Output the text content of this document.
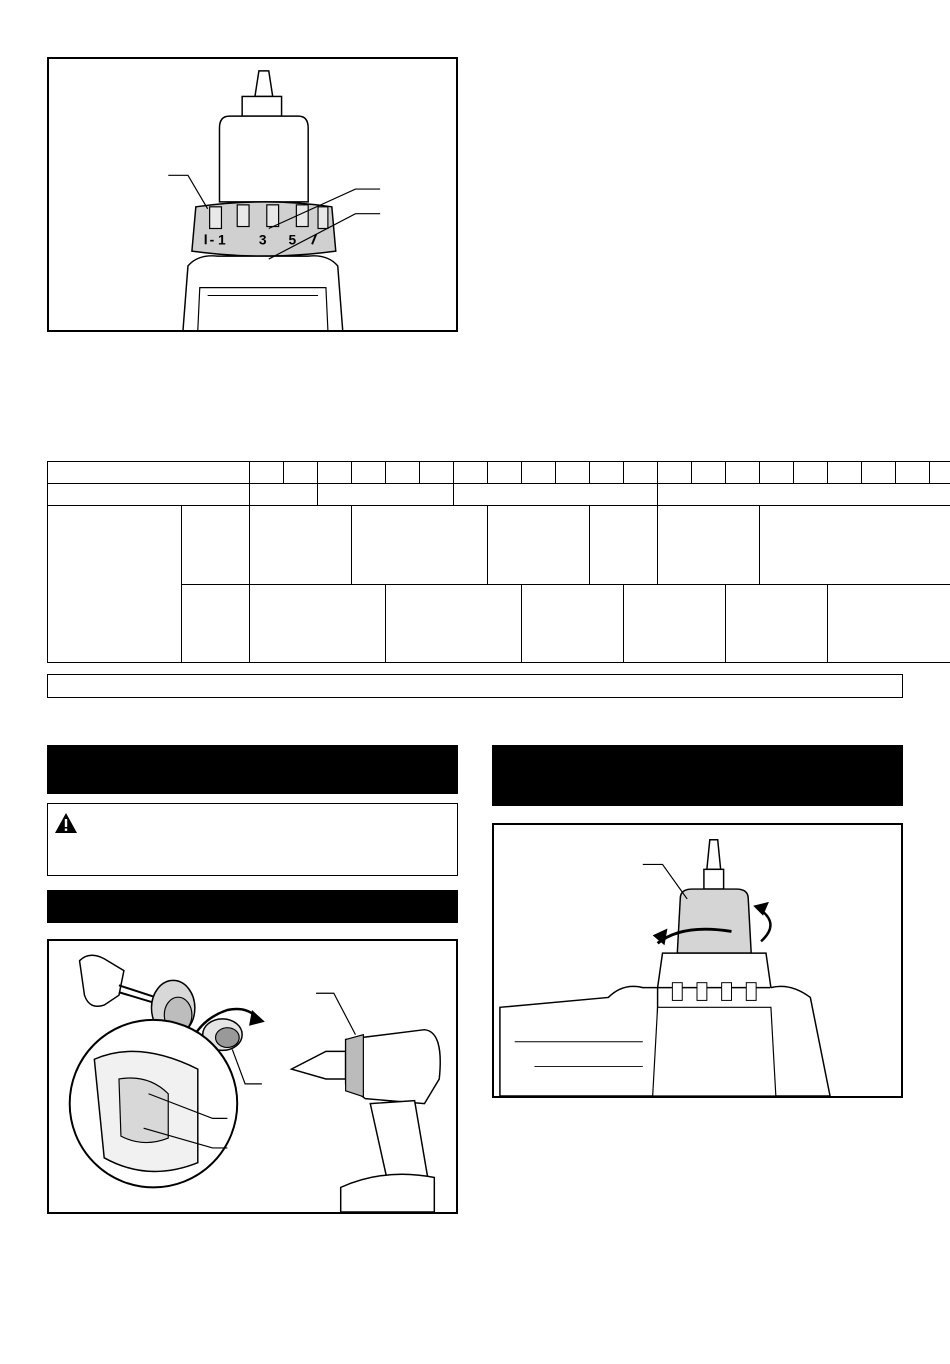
- 1 3 5
